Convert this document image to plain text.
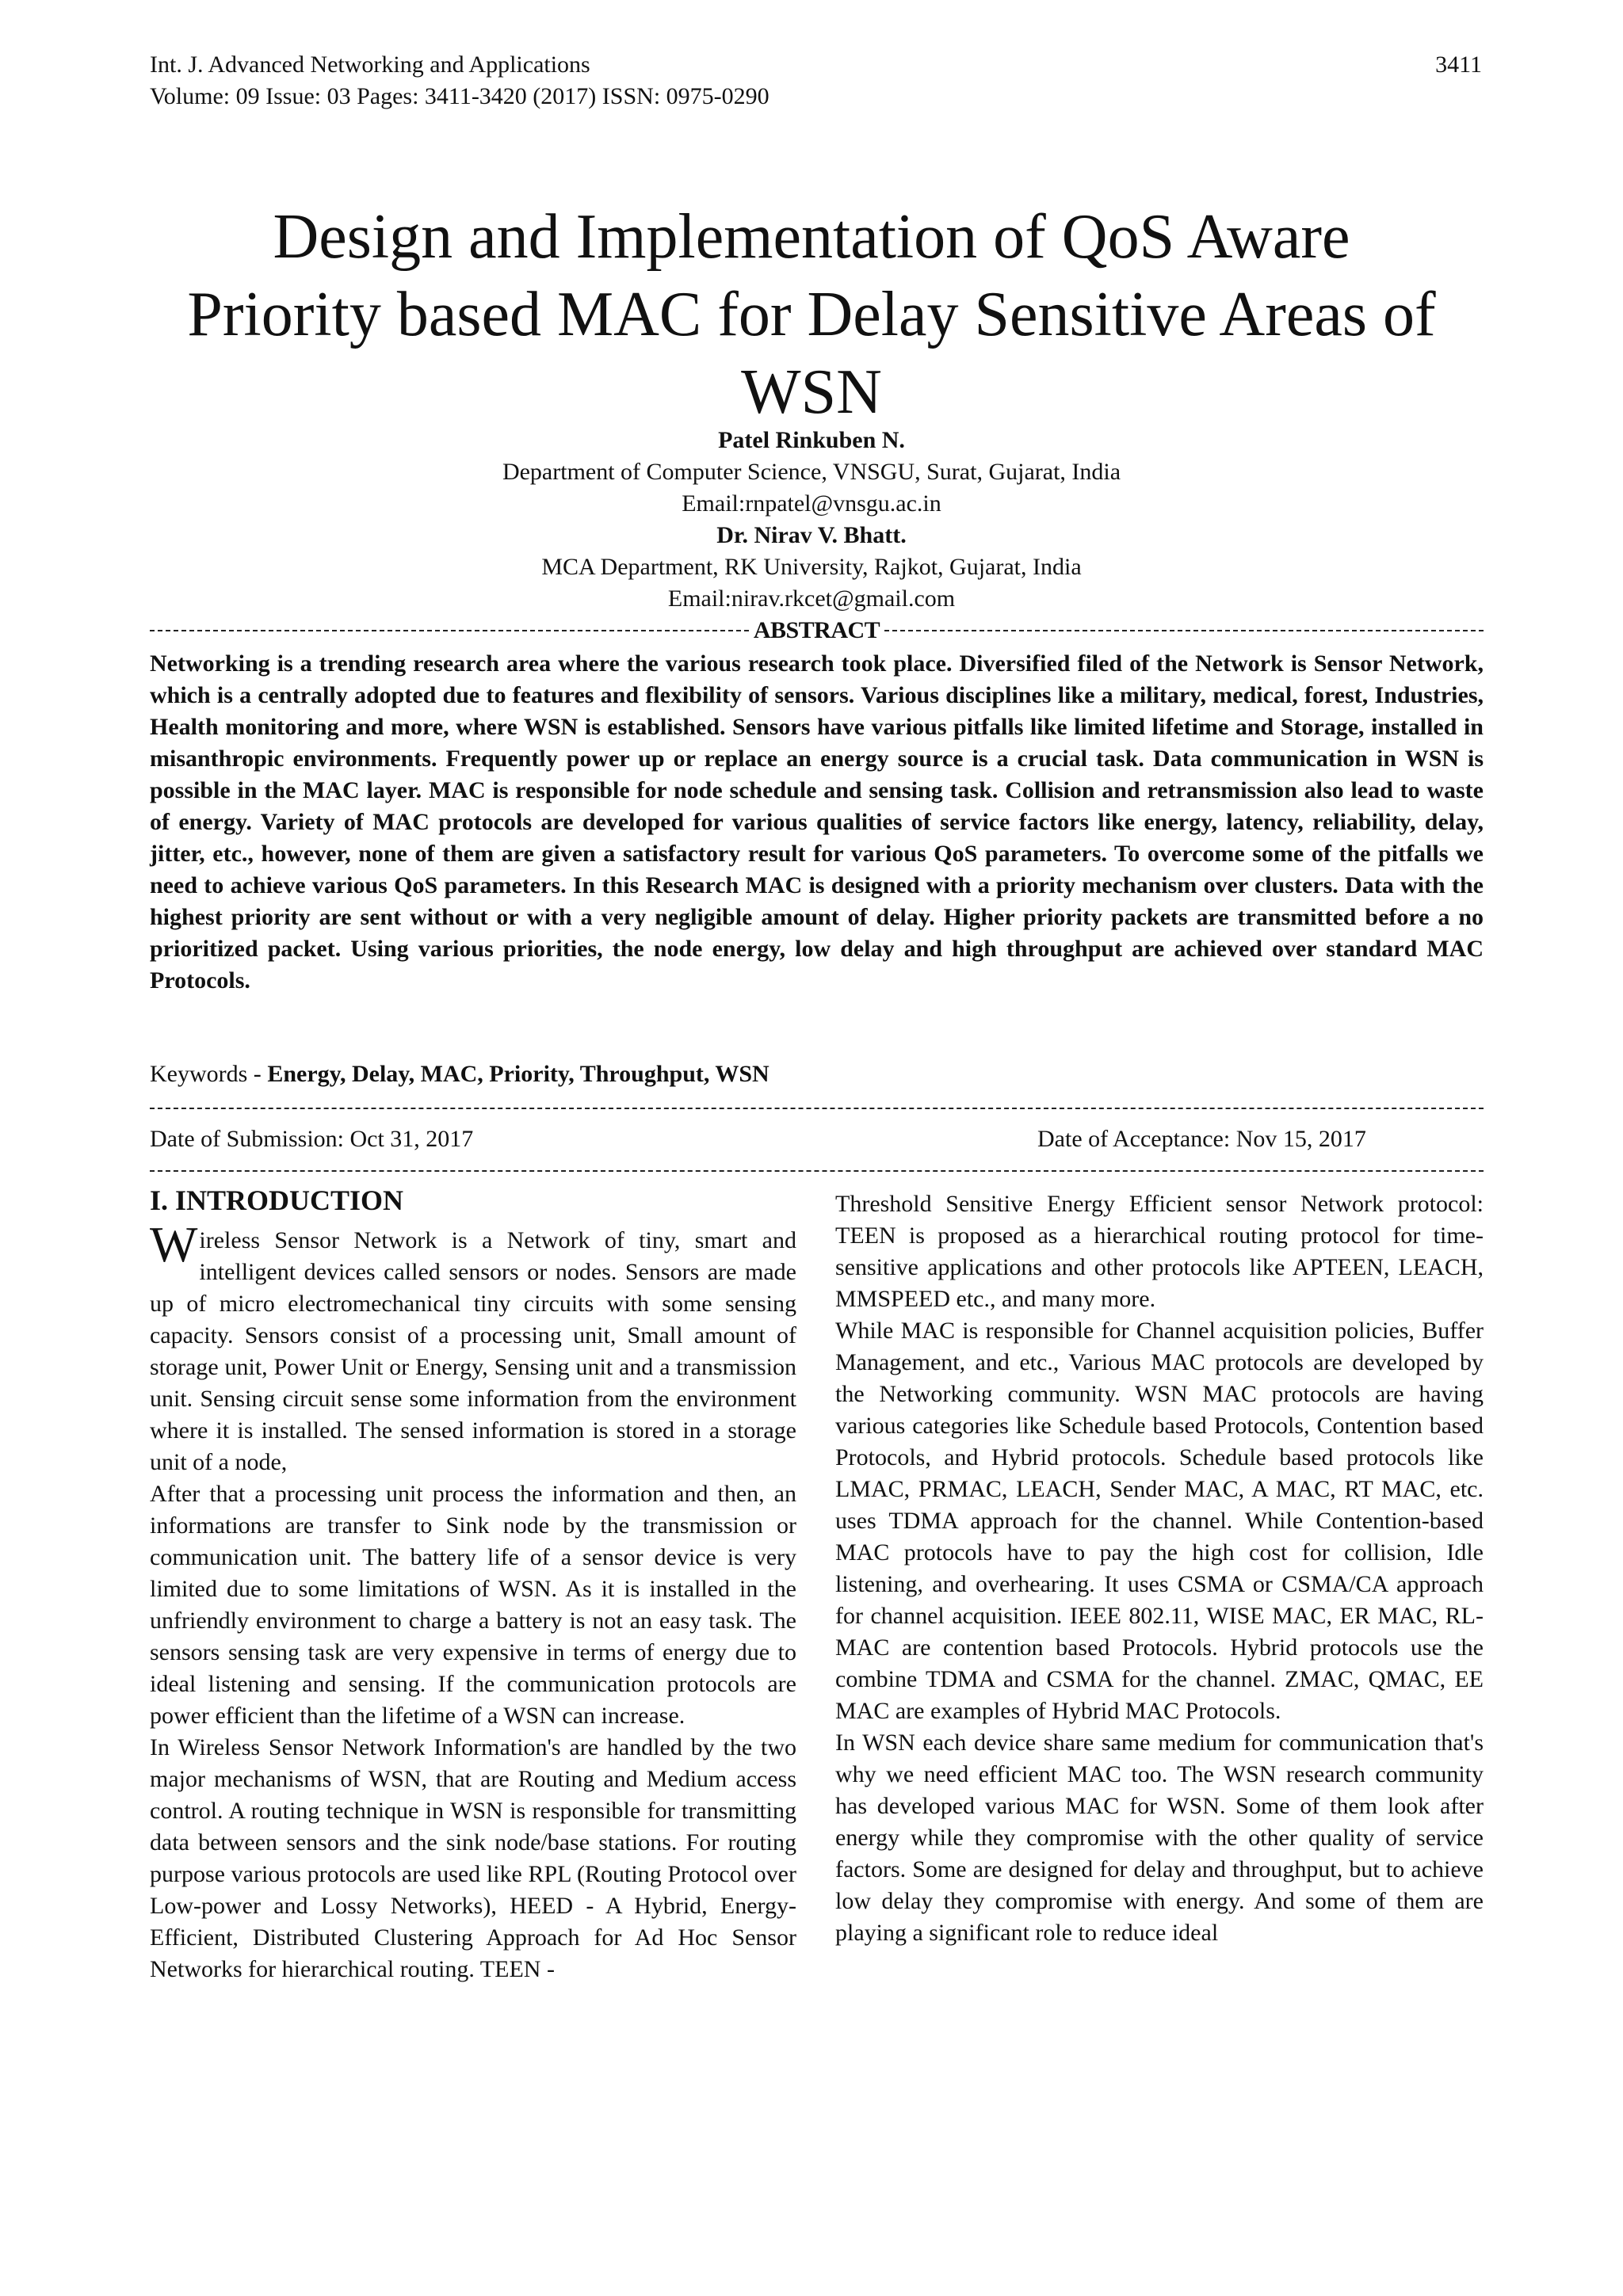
Int. J. Advanced Networking and Applications
Volume: 09 Issue: 03 Pages: 3411-3420 (2017) ISSN: 0975-0290
3411
Design and Implementation of QoS Aware
Priority based MAC for Delay Sensitive Areas of
WSN
Patel Rinkuben N.
Department of Computer Science, VNSGU, Surat, Gujarat, India
Email:rnpatel@vnsgu.ac.in
Dr. Nirav V. Bhatt.
MCA Department, RK University, Rajkot, Gujarat, India
Email:nirav.rkcet@gmail.com
ABSTRACT
Networking is a trending research area where the various research took place. Diversified filed of the Network is Sensor Network, which is a centrally adopted due to features and flexibility of sensors. Various disciplines like a military, medical, forest, Industries, Health monitoring and more, where WSN is established. Sensors have various pitfalls like limited lifetime and Storage, installed in misanthropic environments. Frequently power up or replace an energy source is a crucial task. Data communication in WSN is possible in the MAC layer. MAC is responsible for node schedule and sensing task. Collision and retransmission also lead to waste of energy. Variety of MAC protocols are developed for various qualities of service factors like energy, latency, reliability, delay, jitter, etc., however, none of them are given a satisfactory result for various QoS parameters. To overcome some of the pitfalls we need to achieve various QoS parameters. In this Research MAC is designed with a priority mechanism over clusters. Data with the highest priority are sent without or with a very negligible amount of delay. Higher priority packets are transmitted before a no prioritized packet. Using various priorities, the node energy, low delay and high throughput are achieved over standard MAC Protocols.
Keywords - Energy, Delay, MAC, Priority, Throughput, WSN
Date of Submission: Oct 31, 2017	Date of Acceptance: Nov 15, 2017
I. INTRODUCTION

Wireless Sensor Network is a Network of tiny, smart and intelligent devices called sensors or nodes. Sensors are made up of micro electromechanical tiny circuits with some sensing capacity. Sensors consist of a processing unit, Small amount of storage unit, Power Unit or Energy, Sensing unit and a transmission unit. Sensing circuit sense some information from the environment where it is installed. The sensed information is stored in a storage unit of a node,

After that a processing unit process the information and then, an informations are transfer to Sink node by the transmission or communication unit. The battery life of a sensor device is very limited due to some limitations of WSN. As it is installed in the unfriendly environment to charge a battery is not an easy task. The sensors sensing task are very expensive in terms of energy due to ideal listening and sensing. If the communication protocols are power efficient than the lifetime of a WSN can increase.

In Wireless Sensor Network Information's are handled by the two major mechanisms of WSN, that are Routing and Medium access control. A routing technique in WSN is responsible for transmitting data between sensors and the sink node/base stations. For routing purpose various protocols are used like RPL (Routing Protocol over Low-power and Lossy Networks), HEED - A Hybrid, Energy-Efficient, Distributed Clustering Approach for Ad Hoc Sensor Networks for hierarchical routing. TEEN -

Threshold Sensitive Energy Efficient sensor Network protocol: TEEN is proposed as a hierarchical routing protocol for time-sensitive applications and other protocols like APTEEN, LEACH, MMSPEED etc., and many more.

While MAC is responsible for Channel acquisition policies, Buffer Management, and etc., Various MAC protocols are developed by the Networking community. WSN MAC protocols are having various categories like Schedule based Protocols, Contention based Protocols, and Hybrid protocols. Schedule based protocols like LMAC, PRMAC, LEACH, Sender MAC, A MAC, RT MAC, etc. uses TDMA approach for the channel. While Contention-based MAC protocols have to pay the high cost for collision, Idle listening, and overhearing. It uses CSMA or CSMA/CA approach for channel acquisition. IEEE 802.11, WISE MAC, ER MAC, RL-MAC are contention based Protocols. Hybrid protocols use the combine TDMA and CSMA for the channel. ZMAC, QMAC, EE MAC are examples of Hybrid MAC Protocols.

In WSN each device share same medium for communication that's why we need efficient MAC too. The WSN research community has developed various MAC for WSN. Some of them look after energy while they compromise with the other quality of service factors. Some are designed for delay and throughput, but to achieve low delay they compromise with energy. And some of them are playing a significant role to reduce ideal
